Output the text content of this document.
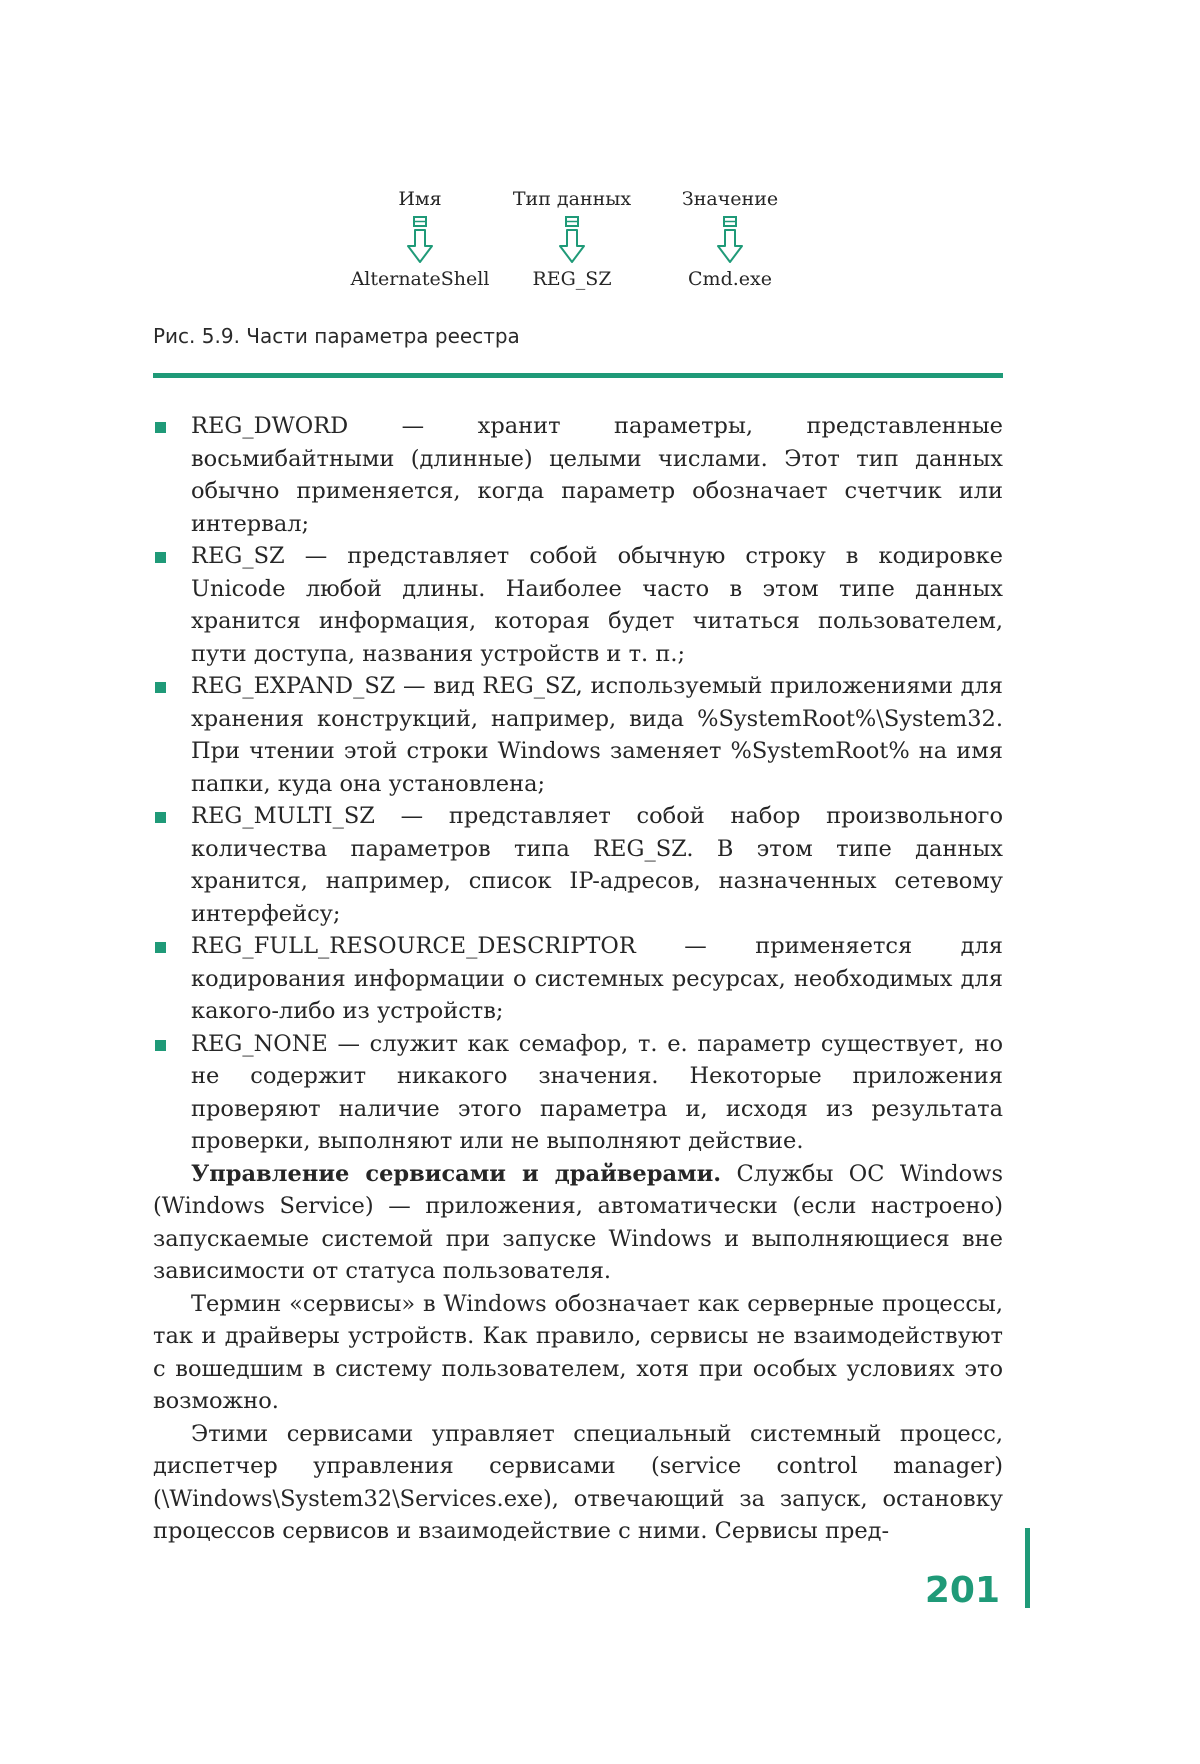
Имя
AlternateShell
Тип данных
REG_SZ
Значение
Cmd.exe
Рис. 5.9. Части параметра реестра
REG_DWORD — хранит параметры, представленные восьмибайтными (длинные) целыми числами. Этот тип данных обычно применяется, когда параметр обозначает счетчик или интервал;
REG_SZ — представляет собой обычную строку в кодировке Unicode любой длины. Наиболее часто в этом типе данных хранится информация, которая будет читаться пользователем, пути доступа, названия устройств и т. п.;
REG_EXPAND_SZ — вид REG_SZ, используемый приложениями для хранения конструкций, например, вида %SystemRoot%\System32. При чтении этой строки Windows заменяет %SystemRoot% на имя папки, куда она установлена;
REG_MULTI_SZ — представляет собой набор произвольного количества параметров типа REG_SZ. В этом типе данных хранится, например, список IP-адресов, назначенных сетевому интерфейсу;
REG_FULL_RESOURCE_DESCRIPTOR — применяется для кодирования информации о системных ресурсах, необходимых для какого-либо из устройств;
REG_NONE — служит как семафор, т. е. параметр существует, но не содержит никакого значения. Некоторые приложения проверяют наличие этого параметра и, исходя из результата проверки, выполняют или не выполняют действие.

Управление сервисами и драйверами. Службы ОС Windows (Windows Service) — приложения, автоматически (если настроено) запускаемые системой при запуске Windows и выполняющиеся вне зависимости от статуса пользователя.

Термин «сервисы» в Windows обозначает как серверные процессы, так и драйверы устройств. Как правило, сервисы не взаимодействуют с вошедшим в систему пользователем, хотя при особых условиях это возможно.

Этими сервисами управляет специальный системный процесс, диспетчер управления сервисами (service control manager) (\Windows\System32\Services.exe), отвечающий за запуск, остановку процессов сервисов и взаимодействие с ними. Сервисы пред-

201
